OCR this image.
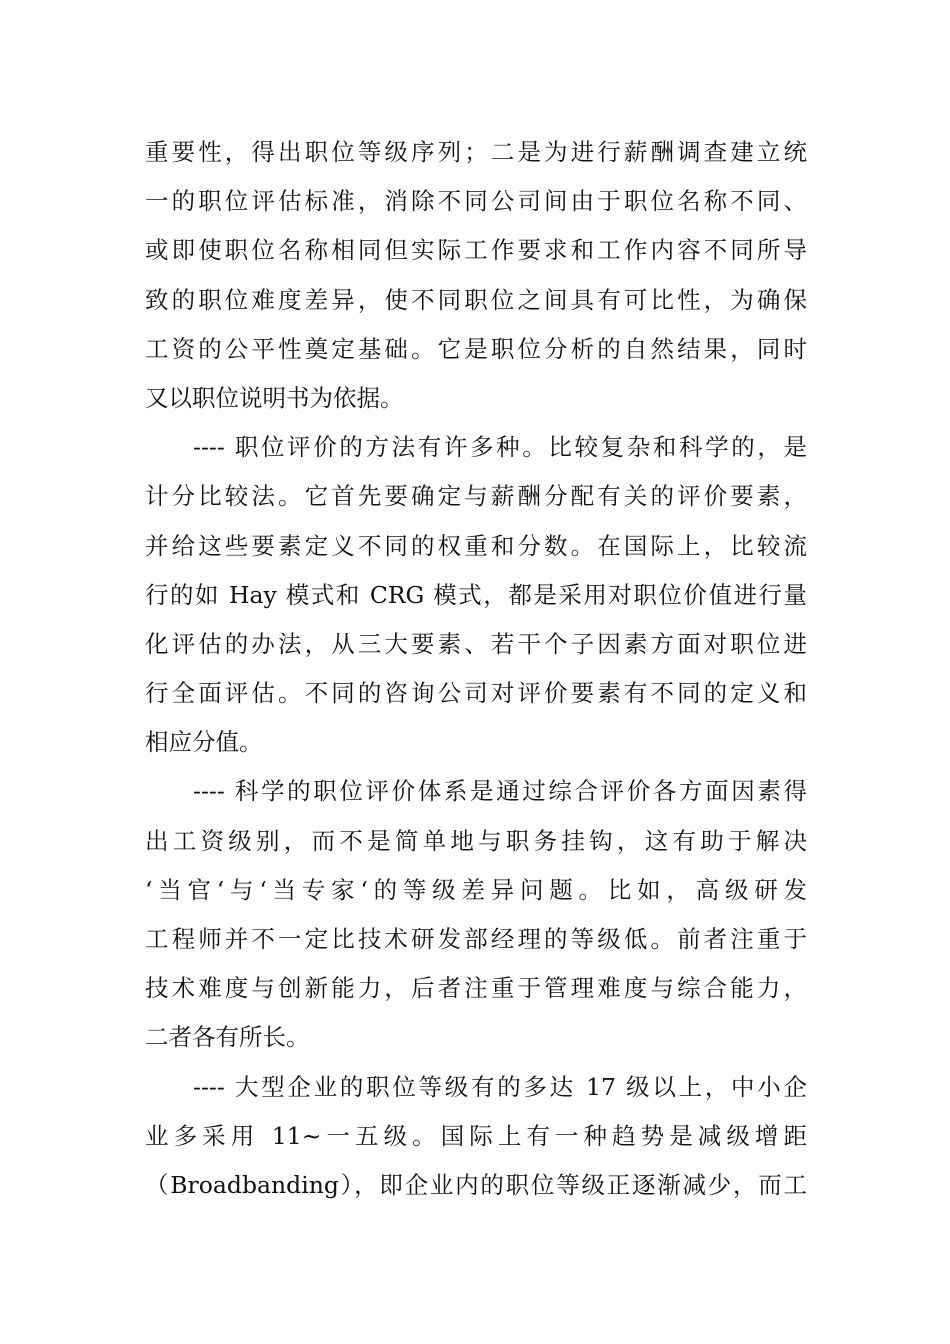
重要性，得出职位等级序列；二是为进行薪酬调查建立统
一的职位评估标准，消除不同公司间由于职位名称不同、
或即使职位名称相同但实际工作要求和工作内容不同所导
致的职位难度差异，使不同职位之间具有可比性，为确保
工资的公平性奠定基础。它是职位分析的自然结果，同时
又以职位说明书为依据。
---- 职位评价的方法有许多种。比较复杂和科学的，是
计分比较法。它首先要确定与薪酬分配有关的评价要素，
并给这些要素定义不同的权重和分数。在国际上，比较流
行的如 Hay 模式和 CRG 模式，都是采用对职位价值进行量
化评估的办法，从三大要素、若干个子因素方面对职位进
行全面评估。不同的咨询公司对评价要素有不同的定义和
相应分值。
---- 科学的职位评价体系是通过综合评价各方面因素得
出工资级别，而不是简单地与职务挂钩，这有助于解决
‘当官‘与‘当专家‘的等级差异问题。比如，高级研发
工程师并不一定比技术研发部经理的等级低。前者注重于
技术难度与创新能力，后者注重于管理难度与综合能力，
二者各有所长。
---- 大型企业的职位等级有的多达 17 级以上，中小企
业多采用 11~一五级。国际上有一种趋势是减级增距
（Broadbanding），即企业内的职位等级正逐渐减少，而工
